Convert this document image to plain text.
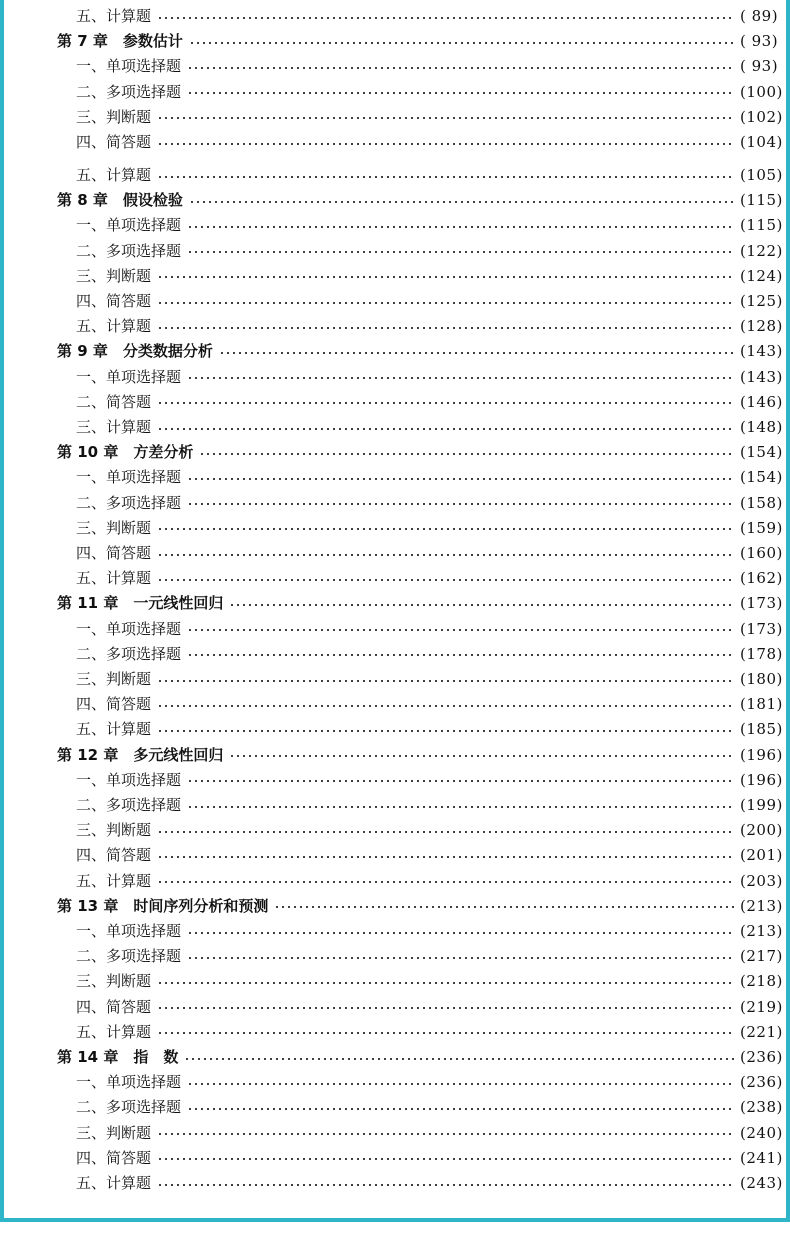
五、计算题	( 89)
第 7 章　参数估计	( 93)
一、单项选择题	( 93)
二、多项选择题	(100)
三、判断题	(102)
四、简答题	(104)
五、计算题	(105)
第 8 章　假设检验	(115)
一、单项选择题	(115)
二、多项选择题	(122)
三、判断题	(124)
四、简答题	(125)
五、计算题	(128)
第 9 章　分类数据分析	(143)
一、单项选择题	(143)
二、简答题	(146)
三、计算题	(148)
第 10 章　方差分析	(154)
一、单项选择题	(154)
二、多项选择题	(158)
三、判断题	(159)
四、简答题	(160)
五、计算题	(162)
第 11 章　一元线性回归	(173)
一、单项选择题	(173)
二、多项选择题	(178)
三、判断题	(180)
四、简答题	(181)
五、计算题	(185)
第 12 章　多元线性回归	(196)
一、单项选择题	(196)
二、多项选择题	(199)
三、判断题	(200)
四、简答题	(201)
五、计算题	(203)
第 13 章　时间序列分析和预测	(213)
一、单项选择题	(213)
二、多项选择题	(217)
三、判断题	(218)
四、简答题	(219)
五、计算题	(221)
第 14 章　指　数	(236)
一、单项选择题	(236)
二、多项选择题	(238)
三、判断题	(240)
四、简答题	(241)
五、计算题	(243)
